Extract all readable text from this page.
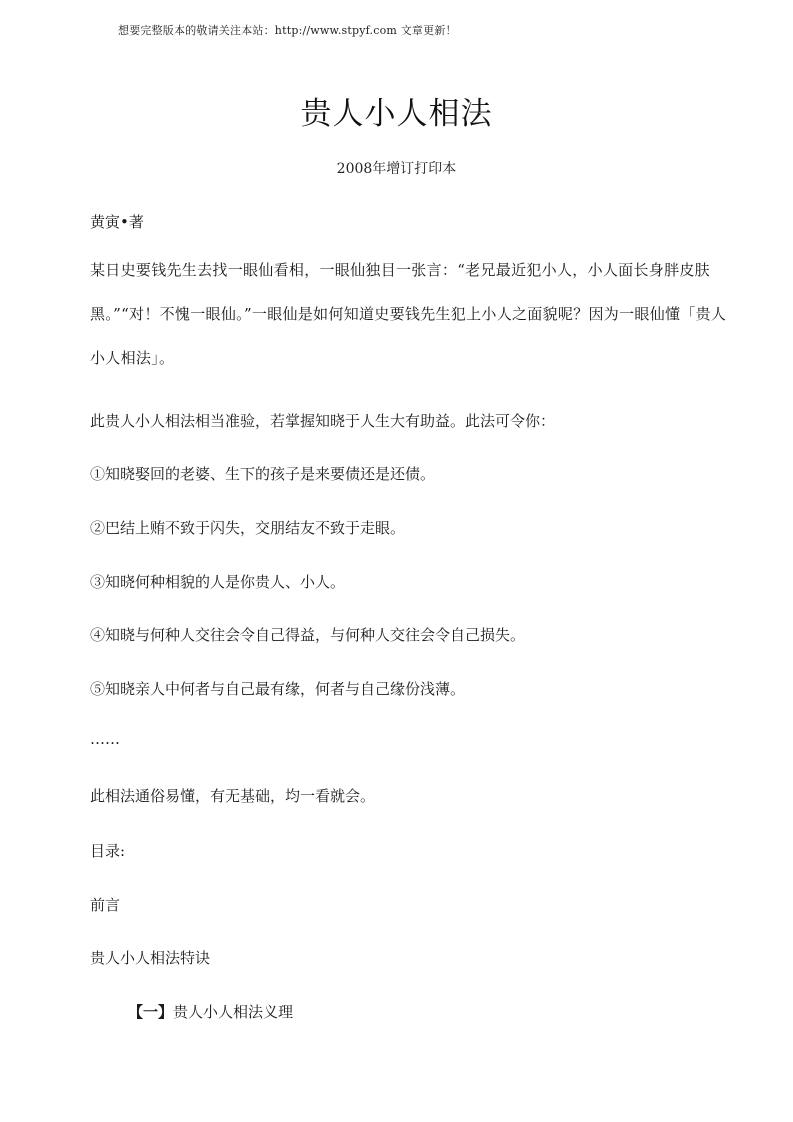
想要完整版本的敬请关注本站：http://www.stpyf.com 文章更新！
贵人小人相法
2008年增订打印本
黄寅•著
某日史要钱先生去找一眼仙看相，一眼仙独目一张言：“老兄最近犯小人，小人面长身胖皮肤黑。”“对！不愧一眼仙。”一眼仙是如何知道史要钱先生犯上小人之面貌呢？因为一眼仙懂「贵人小人相法」。
此贵人小人相法相当准验，若掌握知晓于人生大有助益。此法可令你：
①知晓娶回的老婆、生下的孩子是来要债还是还债。
②巴结上贿不致于闪失，交朋结友不致于走眼。
③知晓何种相貌的人是你贵人、小人。
④知晓与何种人交往会令自己得益，与何种人交往会令自己损失。
⑤知晓亲人中何者与自己最有缘，何者与自己缘份浅薄。
……
此相法通俗易懂，有无基础，均一看就会。
目录:
前言
贵人小人相法特诀
【一】贵人小人相法义理
